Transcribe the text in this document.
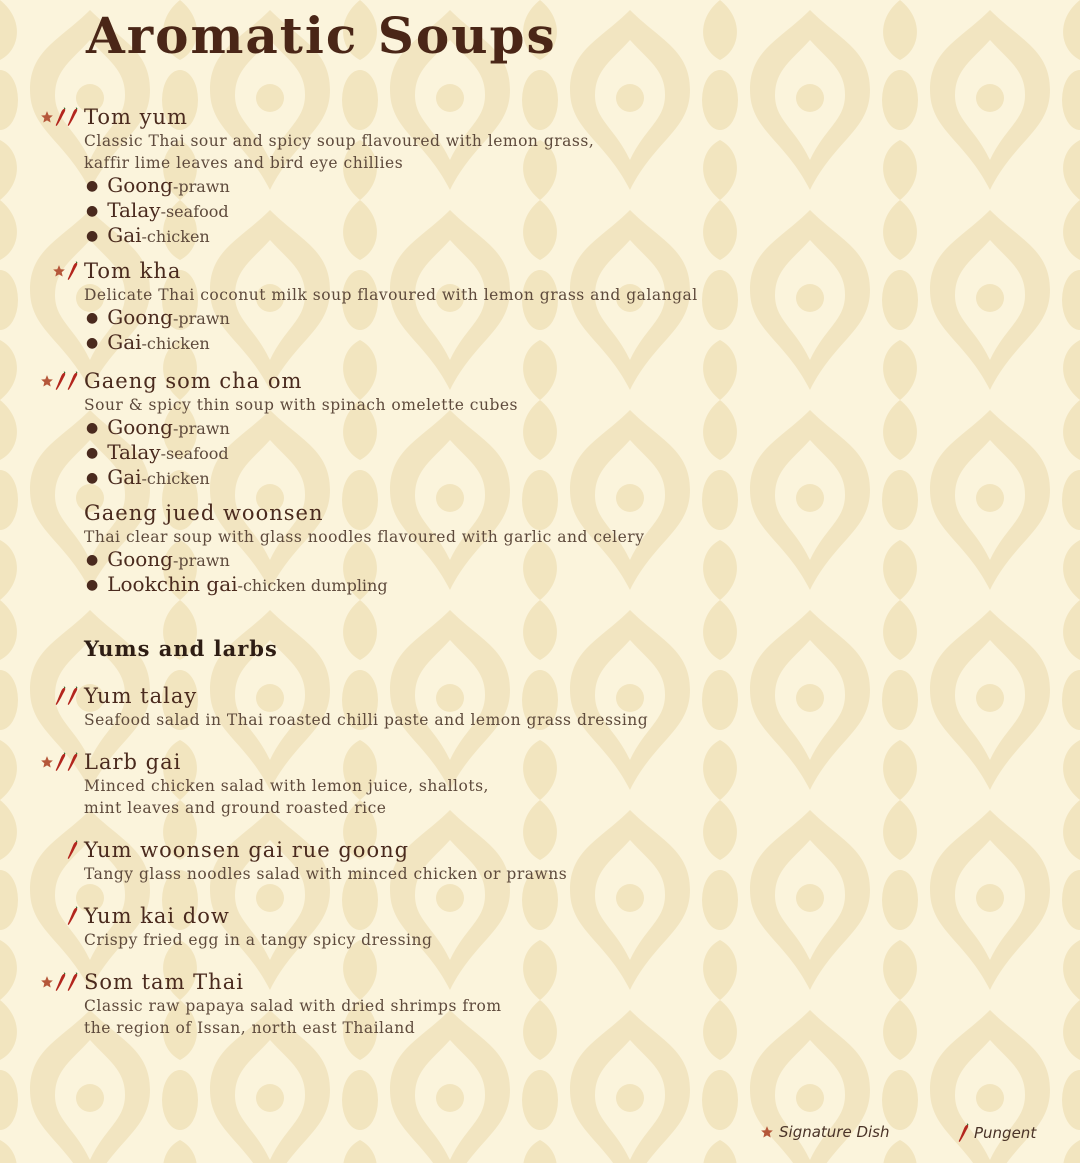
Aromatic Soups
Tom yum
Classic Thai sour and spicy soup flavoured with lemon grass,
kaffir lime leaves and bird eye chillies
● Goong-prawn
● Talay-seafood
● Gai-chicken
Tom kha
Delicate Thai coconut milk soup flavoured with lemon grass and galangal
● Goong-prawn
● Gai-chicken
Gaeng som cha om
Sour & spicy thin soup with spinach omelette cubes
● Goong-prawn
● Talay-seafood
● Gai-chicken
Gaeng jued woonsen
Thai clear soup with glass noodles flavoured with garlic and celery
● Goong-prawn
● Lookchin gai-chicken dumpling
Yums and larbs
Yum talay
Seafood salad in Thai roasted chilli paste and lemon grass dressing
Larb gai
Minced chicken salad with lemon juice, shallots,
mint leaves and ground roasted rice
Yum woonsen gai rue goong
Tangy glass noodles salad with minced chicken or prawns
Yum kai dow
Crispy fried egg in a tangy spicy dressing
Som tam Thai
Classic raw papaya salad with dried shrimps from
the region of Issan, north east Thailand
Signature Dish	Pungent
